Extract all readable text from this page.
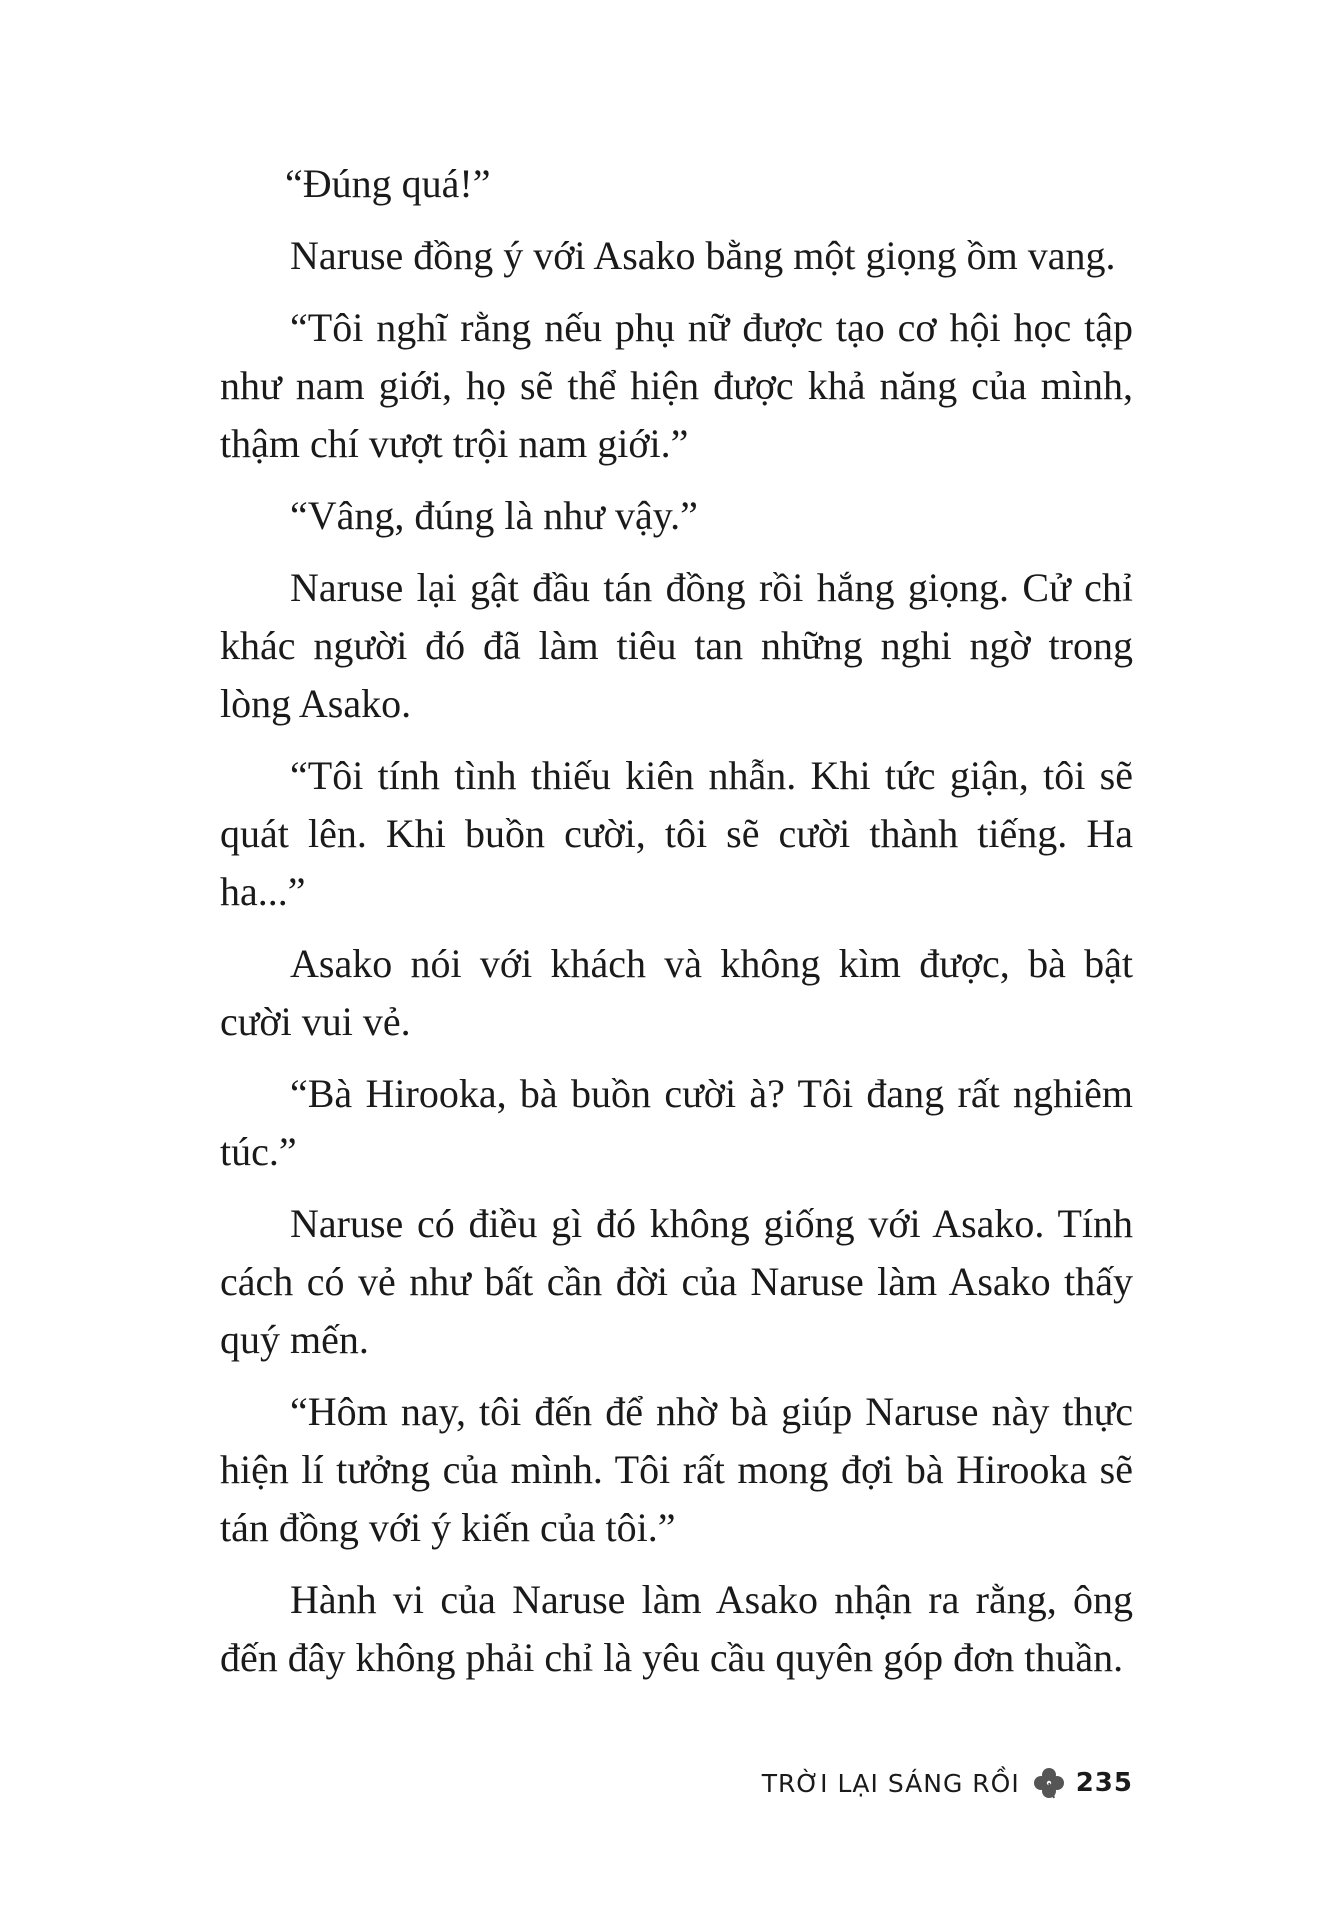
“Đúng quá!”

Naruse đồng ý với Asako bằng một giọng ồm vang.

“Tôi nghĩ rằng nếu phụ nữ được tạo cơ hội học tập như nam giới, họ sẽ thể hiện được khả năng của mình, thậm chí vượt trội nam giới.”

“Vâng, đúng là như vậy.”

Naruse lại gật đầu tán đồng rồi hắng giọng. Cử chỉ khác người đó đã làm tiêu tan những nghi ngờ trong lòng Asako.

“Tôi tính tình thiếu kiên nhẫn. Khi tức giận, tôi sẽ quát lên. Khi buồn cười, tôi sẽ cười thành tiếng. Ha ha...”

Asako nói với khách và không kìm được, bà bật cười vui vẻ.

“Bà Hirooka, bà buồn cười à? Tôi đang rất nghiêm túc.”

Naruse có điều gì đó không giống với Asako. Tính cách có vẻ như bất cần đời của Naruse làm Asako thấy quý mến.

“Hôm nay, tôi đến để nhờ bà giúp Naruse này thực hiện lí tưởng của mình. Tôi rất mong đợi bà Hirooka sẽ tán đồng với ý kiến của tôi.”

Hành vi của Naruse làm Asako nhận ra rằng, ông đến đây không phải chỉ là yêu cầu quyên góp đơn thuần.

TRỜI LẠI SÁNG RỒI 235
